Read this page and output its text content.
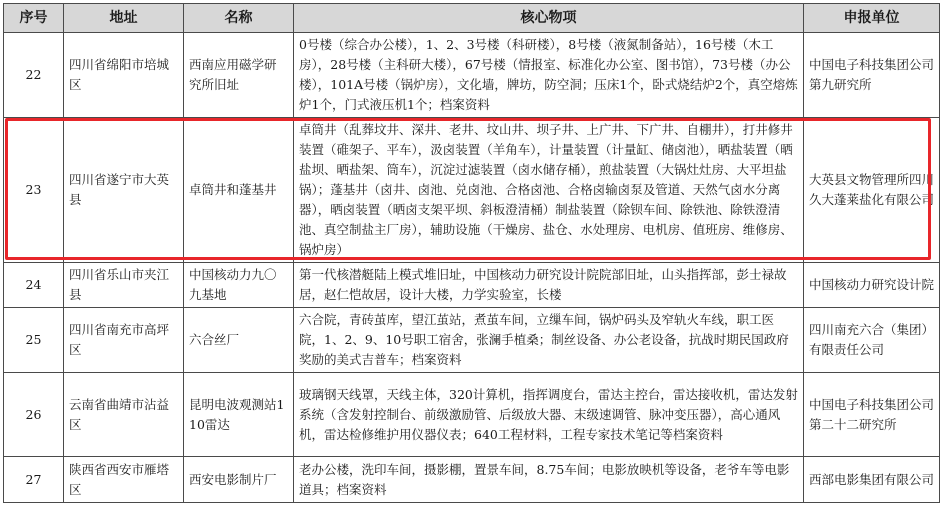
序号	地址	名称	核心物项	申报单位
22	四川省绵阳市培城区	西南应用磁学研究所旧址	0号楼（综合办公楼），1、2、3号楼（科研楼），8号楼（液氮制备站），16号楼（木工房），28号楼（主科研大楼），67号楼（情报室、标准化办公室、图书馆），73号楼（办公楼），101A号楼（锅炉房），文化墙，牌坊，防空洞；压床1个，卧式烧结炉2个，真空熔炼炉1个，门式液压机1个；档案资料	中国电子科技集团公司第九研究所
23	四川省遂宁市大英县	卓筒井和蓬基井	卓筒井（乱葬坟井、深井、老井、坟山井、坝子井、上广井、下广井、自棚井），打井修井装置（碓架子、平车），汲卤装置（羊角车），计量装置（计量缸、储卤池），晒盐装置（晒盐坝、晒盐架、筒车），沉淀过滤装置（卤水储存桶），煎盐装置（大锅灶灶房、大平坦盐锅）；蓬基井（卤井、卤池、兑卤池、合格卤池、合格卤输卤泵及管道、天然气卤水分离器），晒卤装置（晒卤支架平坝、斜板澄清桶）制盐装置（除钡车间、除铁池、除铁澄清池、真空制盐主厂房），辅助设施（干燥房、盐仓、水处理房、电机房、值班房、维修房、锅炉房）	大英县文物管理所四川久大蓬莱盐化有限公司
24	四川省乐山市夹江县	中国核动力九〇九基地	第一代核潜艇陆上模式堆旧址，中国核动力研究设计院院部旧址，山头指挥部，彭士禄故居，赵仁恺故居，设计大楼，力学实验室，长楼	中国核动力研究设计院
25	四川省南充市高坪区	六合丝厂	六合院，青砖茧库，望江茧站，煮茧车间，立缫车间，锅炉码头及窄轨火车线，职工医院，1、2、9、10号职工宿舍，张澜手植桑；制丝设备、办公老设备，抗战时期民国政府奖励的美式吉普车；档案资料	四川南充六合（集团）有限责任公司
26	云南省曲靖市沾益区	昆明电波观测站110雷达	玻璃钢天线罩，天线主体，320计算机，指挥调度台，雷达主控台，雷达接收机，雷达发射系统（含发射控制台、前级激励管、后级放大器、末级速调管、脉冲变压器），高心通风机，雷达检修维护用仪器仪表；640工程材料，工程专家技术笔记等档案资料	中国电子科技集团公司第二十二研究所
27	陕西省西安市雁塔区	西安电影制片厂	老办公楼，洗印车间，摄影棚，置景车间，8.75车间；电影放映机等设备，老爷车等电影道具；档案资料	西部电影集团有限公司
